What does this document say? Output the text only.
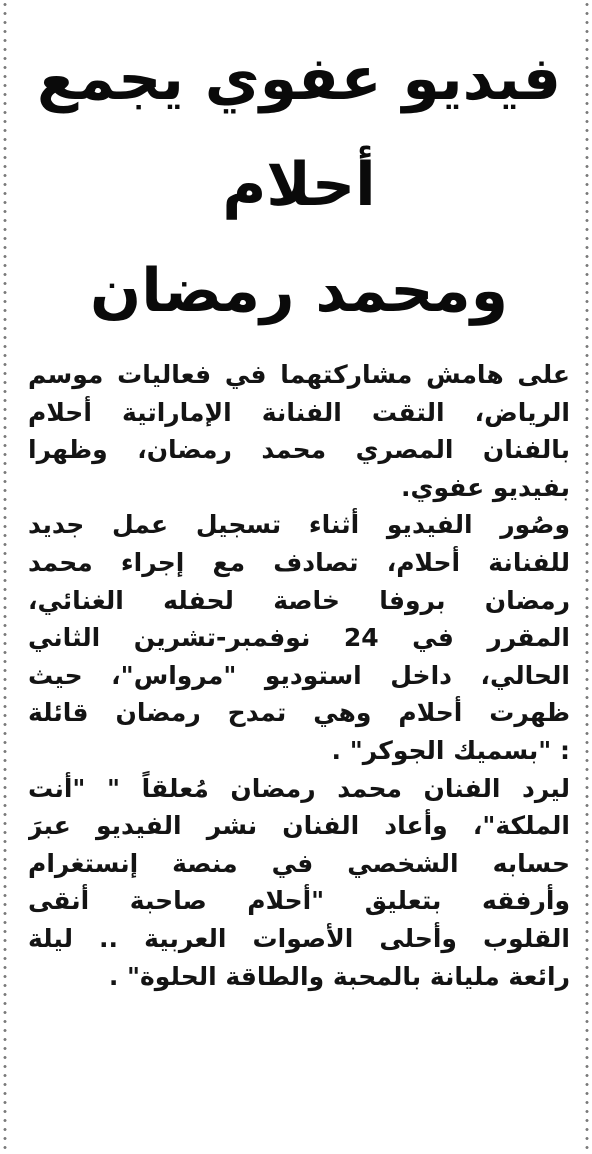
فيديو عفوي يجمع أحلام
ومحمد رمضان

على هامش مشاركتهما في فعاليات موسم
الرياض، التقت الفنانة الإماراتية أحلام
بالفنان المصري محمد رمضان، وظهرا
بفيديو عفوي.

وصُور الفيديو أثناء تسجيل عمل جديد
للفنانة أحلام، تصادف مع إجراء محمد
رمضان بروفا خاصة لحفله الغنائي،
المقرر في 24 نوفمبر-تشرين الثاني
الحالي، داخل استوديو "مرواس"، حيث
ظهرت أحلام وهي تمدح رمضان قائلة
: "بسميك الجوكر" .

ليرد الفنان محمد رمضان مُعلقاً " "أنت
الملكة"، وأعاد الفنان نشر الفيديو عبرَ
حسابه الشخصي في منصة إنستغرام
وأرفقه بتعليق "أحلام صاحبة أنقى
القلوب وأحلى الأصوات العربية .. ليلة
رائعة مليانة بالمحبة والطاقة الحلوة" .
